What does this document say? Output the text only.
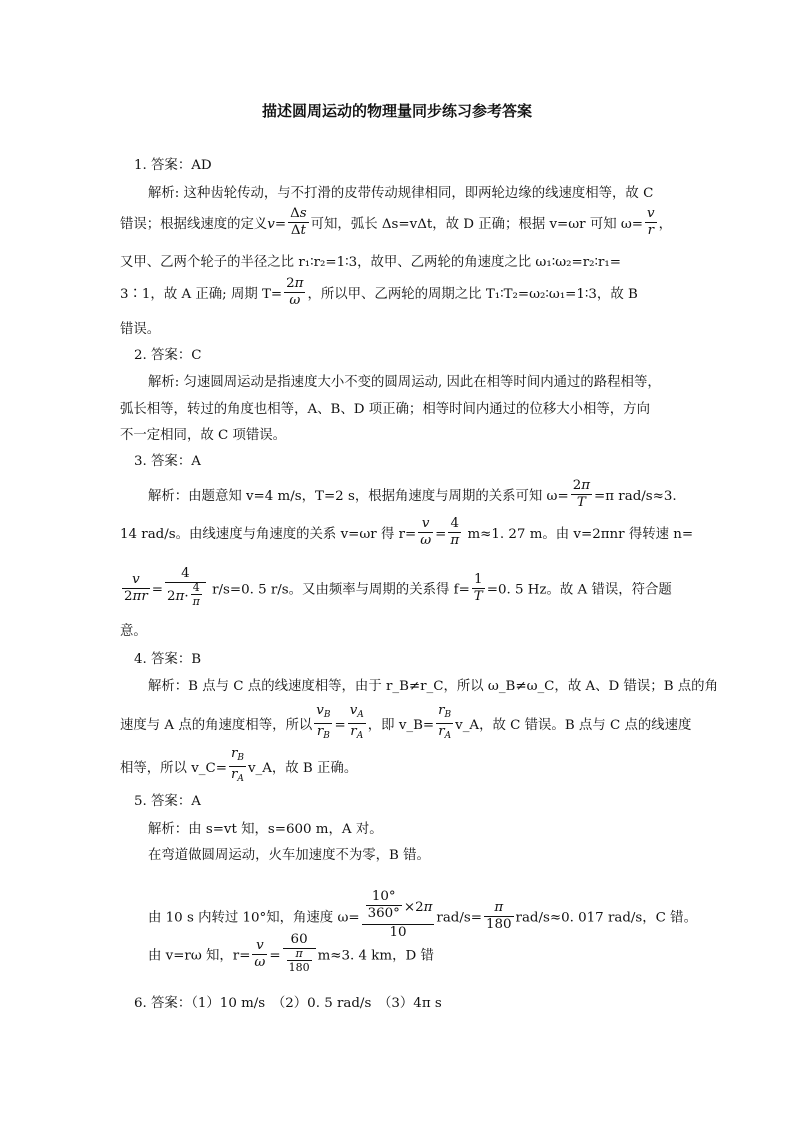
描述圆周运动的物理量同步练习参考答案
1. 答案：AD
解析: 这种齿轮传动，与不打滑的皮带传动规律相同，即两轮边缘的线速度相等，故 C
错误；根据线速度的定义$v= \frac{\Delta s}{\Delta t}$ 可知，弧长 Δs=vΔt，故 D 正确；根据 v=ωr 可知 $\omega= \frac{v}{r}$ ，
又甲、乙两个轮子的半径之比 r₁∶r₂=1∶3，故甲、乙两轮的角速度之比 ω₁∶ω₂=r₂∶r₁=
3∶1，故 A 正确; 周期 $T= \frac{2\pi}{\omega}$ ，所以甲、乙两轮的周期之比 T₁∶T₂=ω₂∶ω₁=1∶3，故 B
错误。
2. 答案：C
解析: 匀速圆周运动是指速度大小不变的圆周运动, 因此在相等时间内通过的路程相等，
弧长相等，转过的角度也相等，A、B、D 项正确；相等时间内通过的位移大小相等，方向
不一定相同，故 C 项错误。
3. 答案：A
解析：由题意知 v=4 m/s，T=2 s，根据角速度与周期的关系可知 $\omega= \frac{2\pi}{T} =\pi$ rad/s≈3.
14 rad/s。由线速度与角速度的关系 v=ωr 得 $r= \frac{v}{\omega} = \frac{4}{\pi} m\approx 1$. 27 m。由 v=2πnr 得转速 n=
$\frac{v}{2\pi r} = \frac{4}{2\pi\cdot \frac{4}{\pi}} r/s=0$. 5 r/s。又由频率与周期的关系得 $f= \frac{1}{T} =0$. 5 Hz。故 A 错误，符合题
意。
4. 答案：B
解析：B 点与 C 点的线速度相等，由于 r_B≠r_C，所以 ω_B≠ω_C，故 A、D 错误；B 点的角
速度与 A 点的角速度相等，所以 $\frac{v_B}{r_B} = \frac{v_A}{r_A}$ ，即 v_B= $\frac{r_B}{r_A}$ v_A，故 C 错误。B 点与 C 点的线速度
相等，所以 v_C= $\frac{r_B}{r_A}$ v_A，故 B 正确。
5. 答案：A
解析：由 s=vt 知，s=600 m，A 对。
在弯道做圆周运动，火车加速度不为零，B 错。
由 10 s 内转过 10°知，角速度 $\omega= \frac{\frac{10^\circ}{360^\circ} \times 2\pi}{10} rad/s= \frac{\pi}{180} rad/s\approx 0$. 017 rad/s，C 错。
由 v=rω 知，$r= \frac{v}{\omega} = \frac{60}{\frac{\pi}{180}} m\approx 3$. 4 km，D 错
6. 答案：（1）10 m/s　（2）0. 5 rad/s　（3）4π s
